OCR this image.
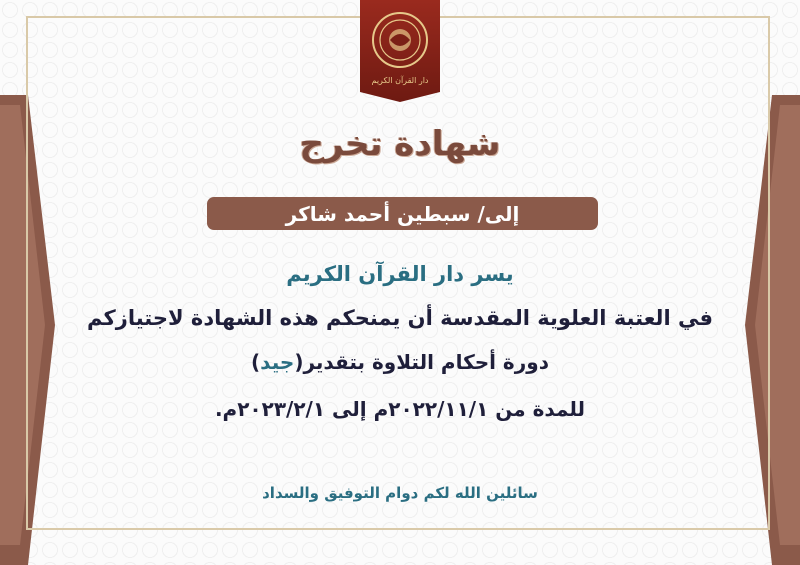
دار القرآن الكريم
شهادة تخرج
إلى/ سبطين أحمد شاكر
يسر دار القرآن الكريم
في العتبة العلوية المقدسة أن يمنحكم هذه الشهادة لاجتيازكم
دورة أحكام التلاوة بتقدير(جيد)
للمدة من ٢٠٢٢/١١/١م إلى ٢٠٢٣/٢/١م.
سائلين الله لكم دوام التوفيق والسداد
